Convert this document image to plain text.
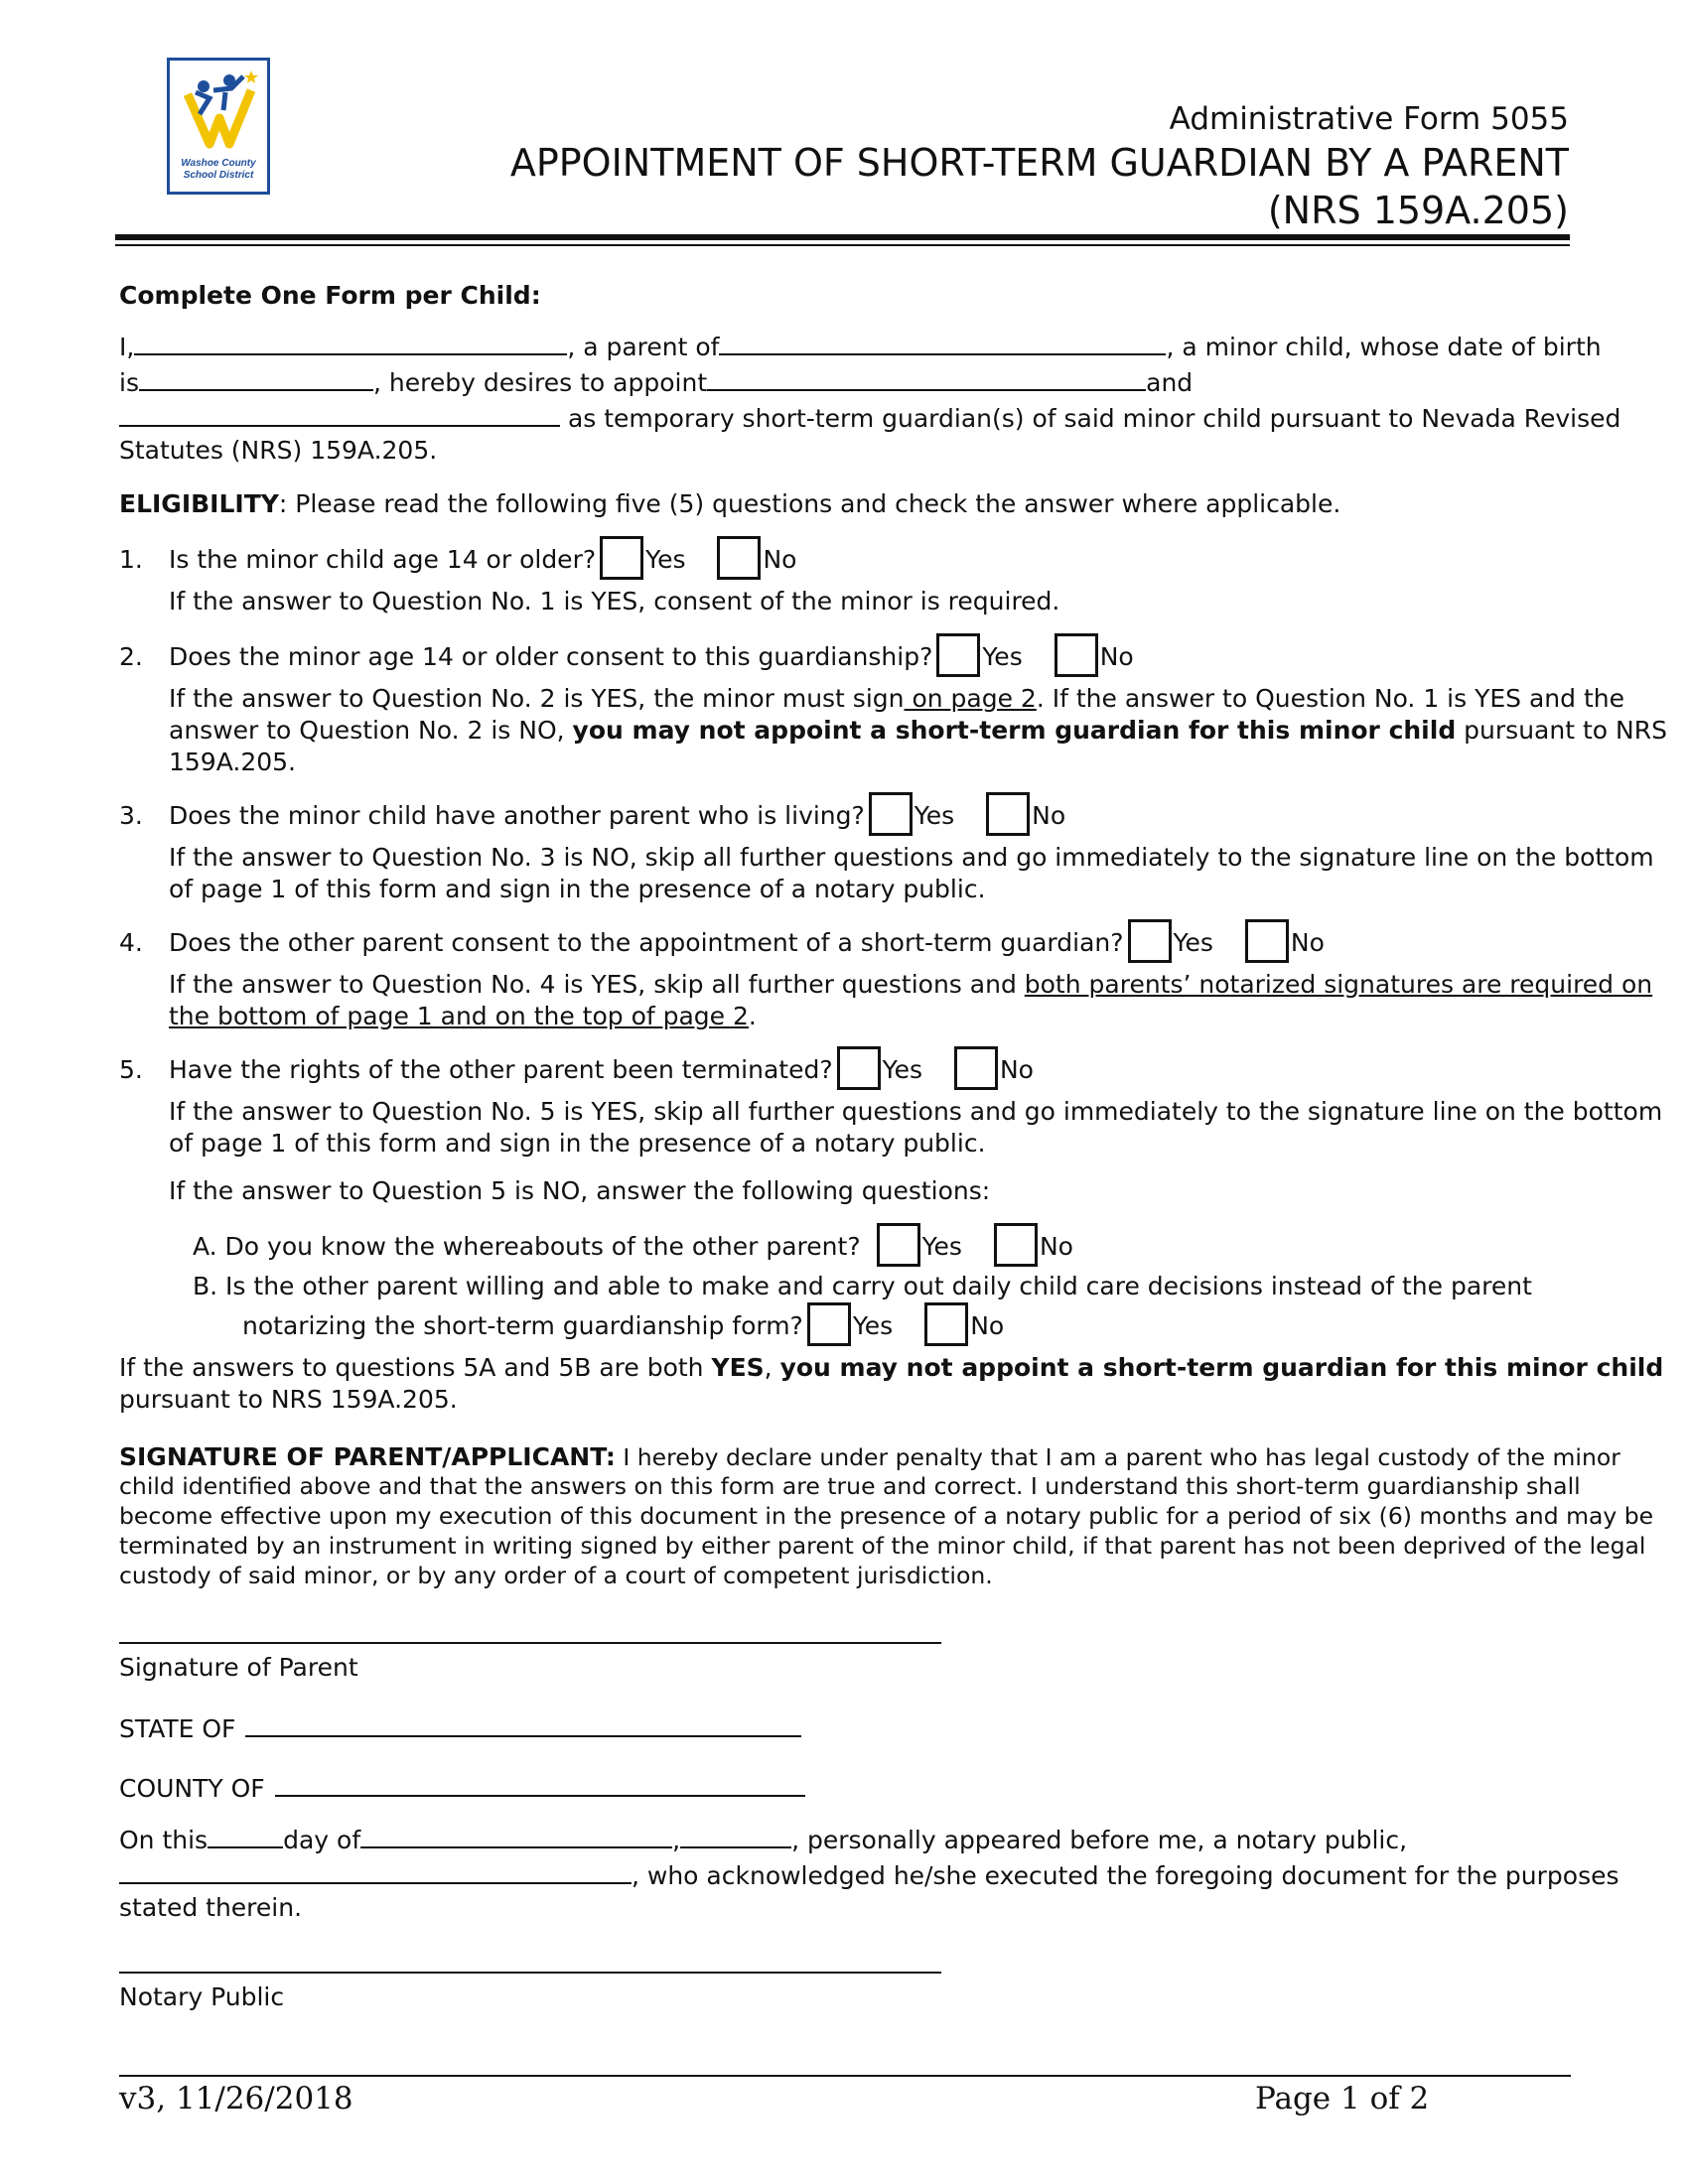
Washoe County
School District
Administrative Form 5055
APPOINTMENT OF SHORT-TERM GUARDIAN BY A PARENT
(NRS 159A.205)
Complete One Form per Child:
I,	, a parent of	, a minor child, whose date of birth
is	, hereby desires to appoint	and
as temporary short-term guardian(s) of said minor child pursuant to Nevada Revised
Statutes (NRS) 159A.205.
ELIGIBILITY: Please read the following five (5) questions and check the answer where applicable.
1. Is the minor child age 14 or older? Yes	No
If the answer to Question No. 1 is YES, consent of the minor is required.
2. Does the minor age 14 or older consent to this guardianship? Yes	No
If the answer to Question No. 2 is YES, the minor must sign on page 2. If the answer to Question No. 1 is YES and the
answer to Question No. 2 is NO, you may not appoint a short-term guardian for this minor child pursuant to NRS
159A.205.
3. Does the minor child have another parent who is living? Yes	No
If the answer to Question No. 3 is NO, skip all further questions and go immediately to the signature line on the bottom
of page 1 of this form and sign in the presence of a notary public.
4. Does the other parent consent to the appointment of a short-term guardian? Yes	No
If the answer to Question No. 4 is YES, skip all further questions and both parents’ notarized signatures are required on
the bottom of page 1 and on the top of page 2.
5. Have the rights of the other parent been terminated? Yes	No
If the answer to Question No. 5 is YES, skip all further questions and go immediately to the signature line on the bottom
of page 1 of this form and sign in the presence of a notary public.
If the answer to Question 5 is NO, answer the following questions:
A. Do you know the whereabouts of the other parent? Yes	No
B. Is the other parent willing and able to make and carry out daily child care decisions instead of the parent
notarizing the short-term guardianship form? Yes	No
If the answers to questions 5A and 5B are both YES, you may not appoint a short-term guardian for this minor child
pursuant to NRS 159A.205.
SIGNATURE OF PARENT/APPLICANT: I hereby declare under penalty that I am a parent who has legal custody of the minor
child identified above and that the answers on this form are true and correct. I understand this short-term guardianship shall
become effective upon my execution of this document in the presence of a notary public for a period of six (6) months and may be
terminated by an instrument in writing signed by either parent of the minor child, if that parent has not been deprived of the legal
custody of said minor, or by any order of a court of competent jurisdiction.
Signature of Parent
STATE OF
COUNTY OF
On this	day of	,	, personally appeared before me, a notary public,
, who acknowledged he/she executed the foregoing document for the purposes
stated therein.
Notary Public
v3, 11/26/2018	Page 1 of 2
